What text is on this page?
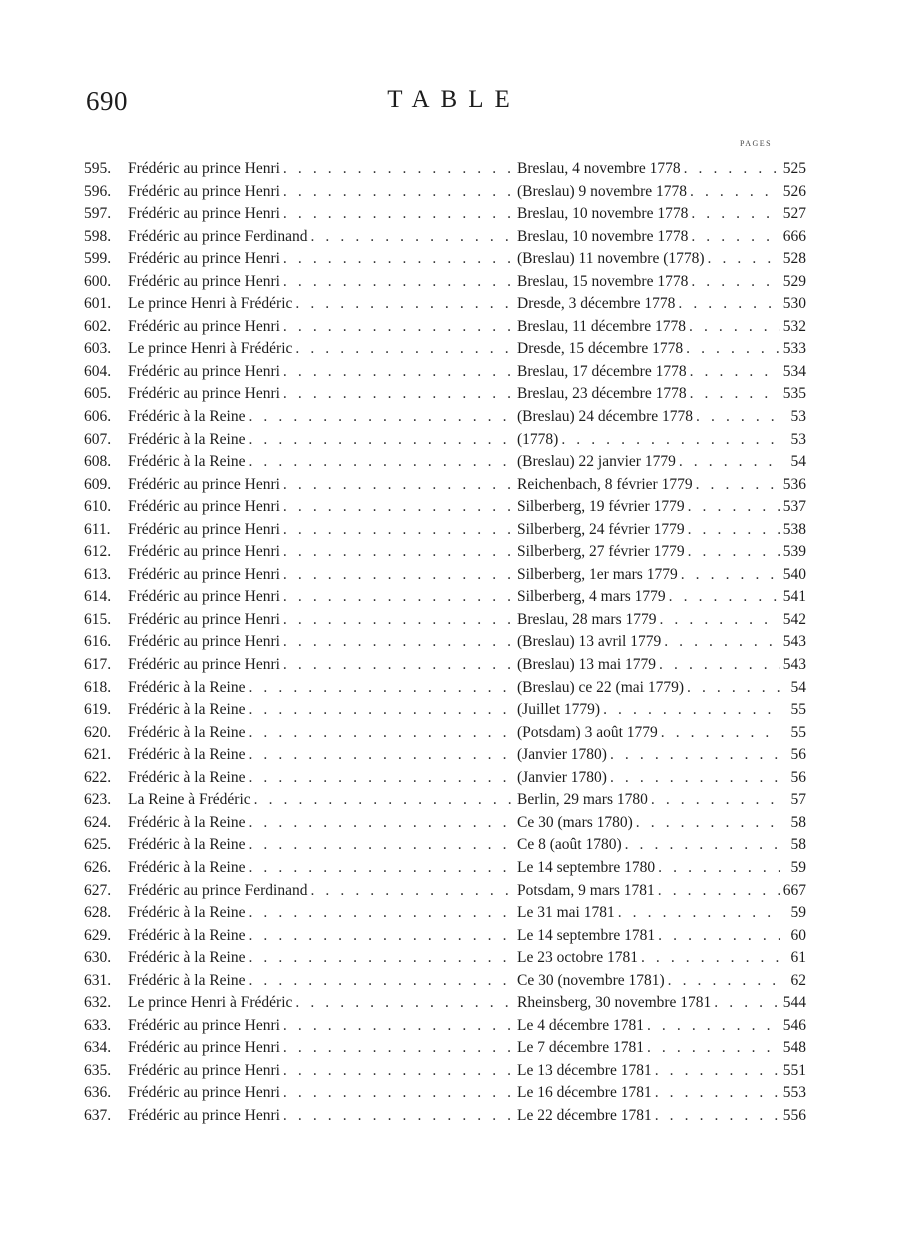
690	TABLE
PAGES
595.	Frédéric au prince Henri . . .	Breslau, 4 novembre 1778 . . .	525
596.	Frédéric au prince Henri . . .	(Breslau) 9 novembre 1778 . . .	526
597.	Frédéric au prince Henri . . .	Breslau, 10 novembre 1778 . . .	527
598.	Frédéric au prince Ferdinand . . .	Breslau, 10 novembre 1778 . . .	666
599.	Frédéric au prince Henri . . .	(Breslau) 11 novembre (1778) . . .	528
600.	Frédéric au prince Henri . . .	Breslau, 15 novembre 1778 . . .	529
601.	Le prince Henri à Frédéric . . .	Dresde, 3 décembre 1778 . . .	530
602.	Frédéric au prince Henri . . .	Breslau, 11 décembre 1778 . . .	532
603.	Le prince Henri à Frédéric . . .	Dresde, 15 décembre 1778 . . .	533
604.	Frédéric au prince Henri . . .	Breslau, 17 décembre 1778 . . .	534
605.	Frédéric au prince Henri . . .	Breslau, 23 décembre 1778 . . .	535
606.	Frédéric à la Reine . . .	(Breslau) 24 décembre 1778 . . .	53
607.	Frédéric à la Reine . . .	(1778) . . .	53
608.	Frédéric à la Reine . . .	(Breslau) 22 janvier 1779 . . .	54
609.	Frédéric au prince Henri . . .	Reichenbach, 8 février 1779 . . .	536
610.	Frédéric au prince Henri . . .	Silberberg, 19 février 1779 . . .	537
611.	Frédéric au prince Henri . . .	Silberberg, 24 février 1779 . . .	538
612.	Frédéric au prince Henri . . .	Silberberg, 27 février 1779 . . .	539
613.	Frédéric au prince Henri . . .	Silberberg, 1er mars 1779 . . .	540
614.	Frédéric au prince Henri . . .	Silberberg, 4 mars 1779 . . .	541
615.	Frédéric au prince Henri . . .	Breslau, 28 mars 1779 . . .	542
616.	Frédéric au prince Henri . . .	(Breslau) 13 avril 1779 . . .	543
617.	Frédéric au prince Henri . . .	(Breslau) 13 mai 1779 . . .	543
618.	Frédéric à la Reine . . .	(Breslau) ce 22 (mai 1779) . . .	54
619.	Frédéric à la Reine . . .	(Juillet 1779) . . .	55
620.	Frédéric à la Reine . . .	(Potsdam) 3 août 1779 . . .	55
621.	Frédéric à la Reine . . .	(Janvier 1780) . . .	56
622.	Frédéric à la Reine . . .	(Janvier 1780) . . .	56
623.	La Reine à Frédéric . . .	Berlin, 29 mars 1780 . . .	57
624.	Frédéric à la Reine . . .	Ce 30 (mars 1780) . . .	58
625.	Frédéric à la Reine . . .	Ce 8 (août 1780) . . .	58
626.	Frédéric à la Reine . . .	Le 14 septembre 1780 . . .	59
627.	Frédéric au prince Ferdinand . . .	Potsdam, 9 mars 1781 . . .	667
628.	Frédéric à la Reine . . .	Le 31 mai 1781 . . .	59
629.	Frédéric à la Reine . . .	Le 14 septembre 1781 . . .	60
630.	Frédéric à la Reine . . .	Le 23 octobre 1781 . . .	61
631.	Frédéric à la Reine . . .	Ce 30 (novembre 1781) . . .	62
632.	Le prince Henri à Frédéric . . .	Rheinsberg, 30 novembre 1781 . . .	544
633.	Frédéric au prince Henri . . .	Le 4 décembre 1781 . . .	546
634.	Frédéric au prince Henri . . .	Le 7 décembre 1781 . . .	548
635.	Frédéric au prince Henri . . .	Le 13 décembre 1781 . . .	551
636.	Frédéric au prince Henri . . .	Le 16 décembre 1781 . . .	553
637.	Frédéric au prince Henri . . .	Le 22 décembre 1781 . . .	556
